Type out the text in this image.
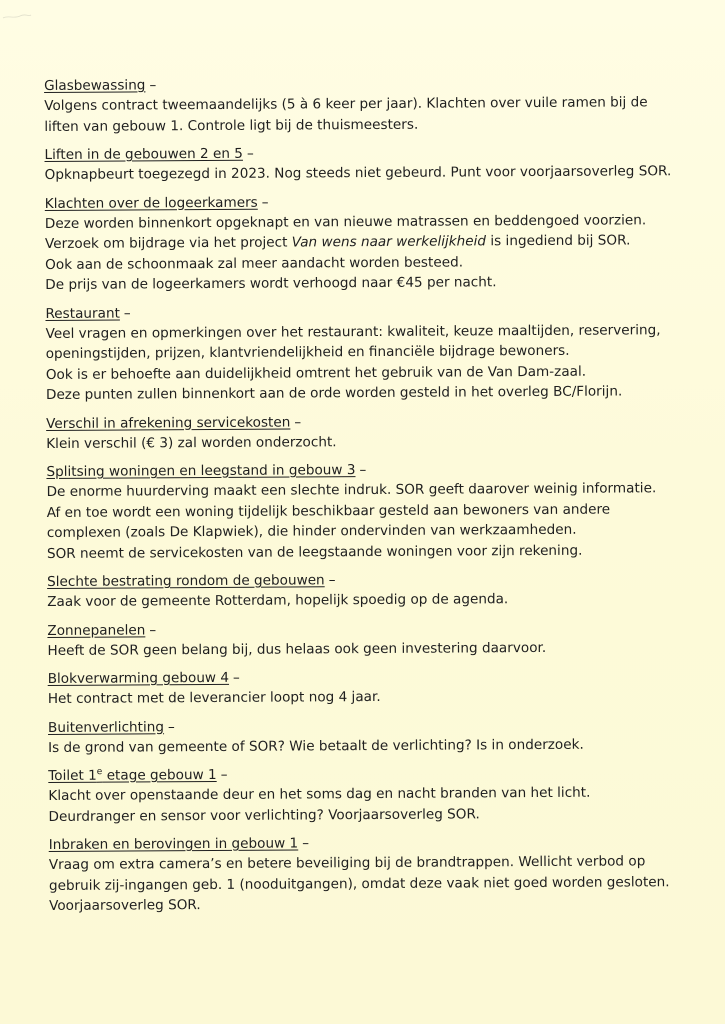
Glasbewassing –
Volgens contract tweemaandelijks (5 à 6 keer per jaar). Klachten over vuile ramen bij de
liften van gebouw 1. Controle ligt bij de thuismeesters.
Liften in de gebouwen 2 en 5 –
Opknapbeurt toegezegd in 2023. Nog steeds niet gebeurd. Punt voor voorjaarsoverleg SOR.
Klachten over de logeerkamers –
Deze worden binnenkort opgeknapt en van nieuwe matrassen en beddengoed voorzien.
Verzoek om bijdrage via het project Van wens naar werkelijkheid is ingediend bij SOR.
Ook aan de schoonmaak zal meer aandacht worden besteed.
De prijs van de logeerkamers wordt verhoogd naar €45 per nacht.
Restaurant –
Veel vragen en opmerkingen over het restaurant: kwaliteit, keuze maaltijden, reservering,
openingstijden, prijzen, klantvriendelijkheid en financiële bijdrage bewoners.
Ook is er behoefte aan duidelijkheid omtrent het gebruik van de Van Dam-zaal.
Deze punten zullen binnenkort aan de orde worden gesteld in het overleg BC/Florijn.
Verschil in afrekening servicekosten –
Klein verschil (€ 3) zal worden onderzocht.
Splitsing woningen en leegstand in gebouw 3 –
De enorme huurderving maakt een slechte indruk. SOR geeft daarover weinig informatie.
Af en toe wordt een woning tijdelijk beschikbaar gesteld aan bewoners van andere
complexen (zoals De Klapwiek), die hinder ondervinden van werkzaamheden.
SOR neemt de servicekosten van de leegstaande woningen voor zijn rekening.
Slechte bestrating rondom de gebouwen –
Zaak voor de gemeente Rotterdam, hopelijk spoedig op de agenda.
Zonnepanelen –
Heeft de SOR geen belang bij, dus helaas ook geen investering daarvoor.
Blokverwarming gebouw 4 –
Het contract met de leverancier loopt nog 4 jaar.
Buitenverlichting –
Is de grond van gemeente of SOR? Wie betaalt de verlichting? Is in onderzoek.
Toilet 1e etage gebouw 1 –
Klacht over openstaande deur en het soms dag en nacht branden van het licht.
Deurdranger en sensor voor verlichting? Voorjaarsoverleg SOR.
Inbraken en berovingen in gebouw 1 –
Vraag om extra camera’s en betere beveiliging bij de brandtrappen. Wellicht verbod op
gebruik zij-ingangen geb. 1 (nooduitgangen), omdat deze vaak niet goed worden gesloten.
Voorjaarsoverleg SOR.
